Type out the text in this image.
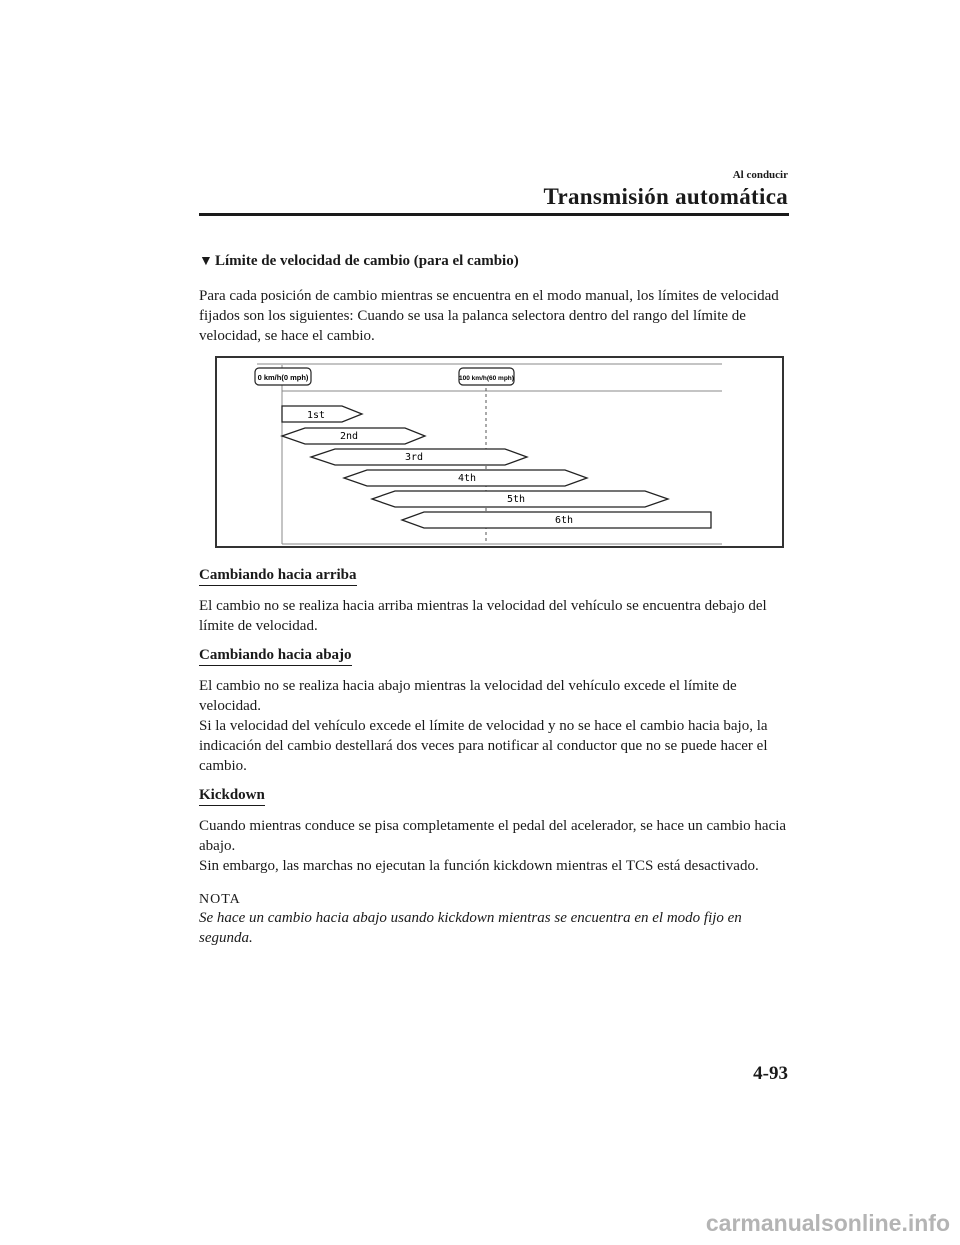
Al conducir
Transmisión automática
▼ Límite de velocidad de cambio (para el cambio)

Para cada posición de cambio mientras se encuentra en el modo manual, los límites de velocidad fijados son los siguientes: Cuando se usa la palanca selectora dentro del rango del límite de velocidad, se hace el cambio.

0 km/h(0 mph)	100 km/h(60 mph)
1st
2nd
3rd
4th
5th
6th
Cambiando hacia arriba

El cambio no se realiza hacia arriba mientras la velocidad del vehículo se encuentra debajo del límite de velocidad.

Cambiando hacia abajo

El cambio no se realiza hacia abajo mientras la velocidad del vehículo excede el límite de velocidad.

Si la velocidad del vehículo excede el límite de velocidad y no se hace el cambio hacia bajo, la indicación del cambio destellará dos veces para notificar al conductor que no se puede hacer el cambio.

Kickdown

Cuando mientras conduce se pisa completamente el pedal del acelerador, se hace un cambio hacia abajo.

Sin embargo, las marchas no ejecutan la función kickdown mientras el TCS está desactivado.

NOTA

Se hace un cambio hacia abajo usando kickdown mientras se encuentra en el modo fijo en segunda.

4-93
carmanualsonline.info
